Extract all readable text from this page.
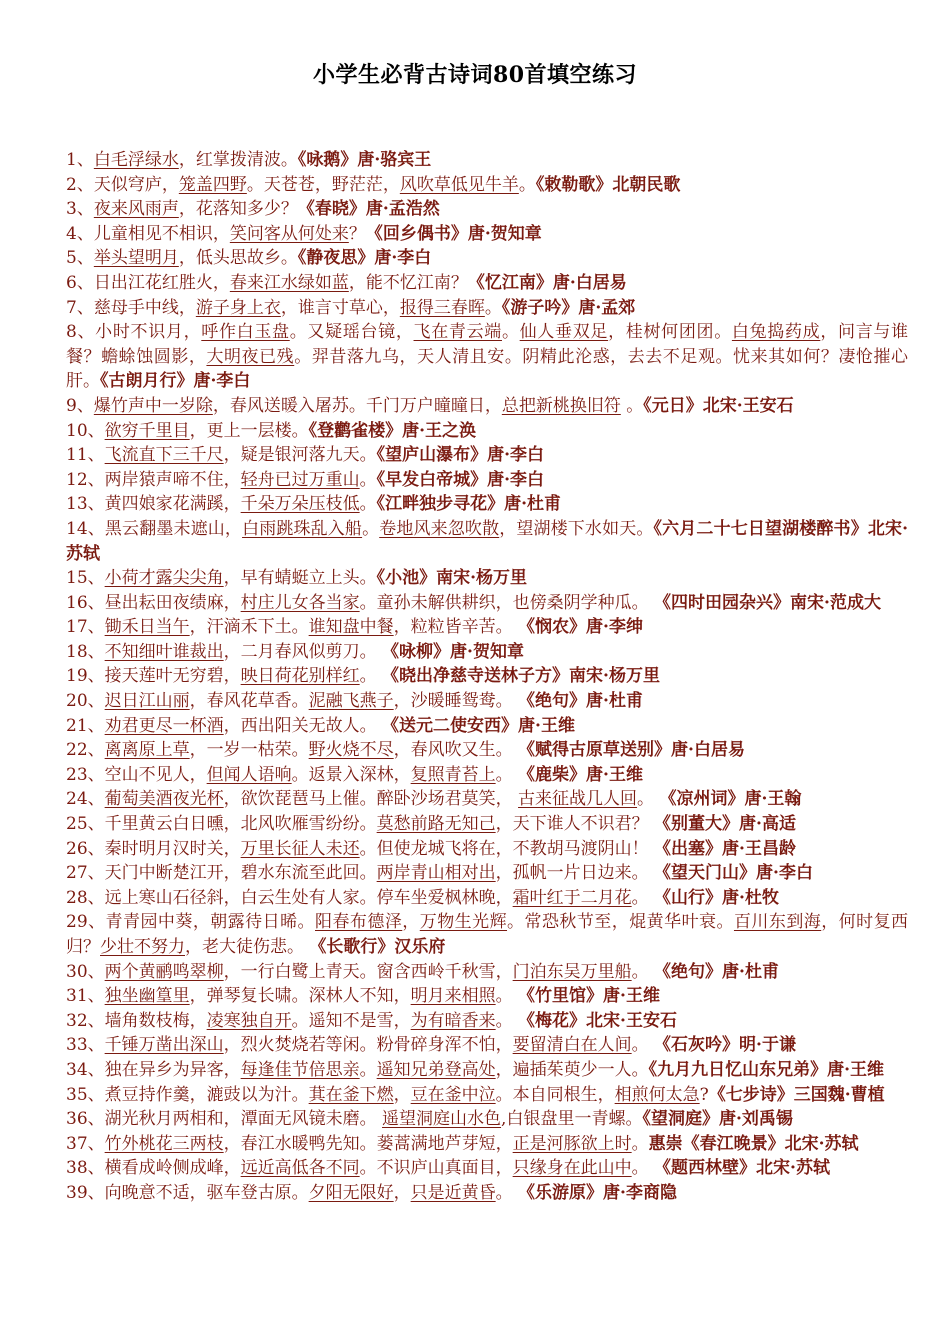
小学生必背古诗词80首填空练习
1、白毛浮绿水，红掌拨清波。《咏鹅》唐·骆宾王
2、天似穹庐，笼盖四野。天苍苍，野茫茫，风吹草低见牛羊。《敕勒歌》北朝民歌
3、夜来风雨声，花落知多少？《春晓》唐·孟浩然
4、儿童相见不相识，笑问客从何处来？《回乡偶书》唐·贺知章
5、举头望明月，低头思故乡。《静夜思》唐·李白
6、日出江花红胜火，春来江水绿如蓝，能不忆江南？《忆江南》唐·白居易
7、慈母手中线，游子身上衣，谁言寸草心，报得三春晖。《游子吟》唐·孟郊
8、小时不识月，呼作白玉盘。又疑瑶台镜，飞在青云端。仙人垂双足，桂树何团团。白兔捣药成，问言与谁餐？蟾蜍蚀圆影，大明夜已残。羿昔落九乌，天人清且安。阴精此沦惑，去去不足观。忧来其如何？凄怆摧心肝。《古朗月行》唐·李白
9、爆竹声中一岁除，春风送暖入屠苏。千门万户曈曈日，总把新桃换旧符 。《元日》北宋·王安石
10、欲穷千里目，更上一层楼。《登鹳雀楼》唐·王之涣
11、飞流直下三千尺，疑是银河落九天。《望庐山瀑布》唐·李白
12、两岸猿声啼不住，轻舟已过万重山。《早发白帝城》唐·李白
13、黄四娘家花满蹊，千朵万朵压枝低。《江畔独步寻花》唐·杜甫
14、黑云翻墨未遮山，白雨跳珠乱入船。卷地风来忽吹散，望湖楼下水如天。《六月二十七日望湖楼醉书》北宋·苏轼
15、小荷才露尖尖角，早有蜻蜓立上头。《小池》南宋·杨万里
16、昼出耘田夜绩麻，村庄儿女各当家。童孙未解供耕织，也傍桑阴学种瓜。 《四时田园杂兴》南宋·范成大
17、锄禾日当午，汗滴禾下土。谁知盘中餐，粒粒皆辛苦。 《悯农》唐·李绅
18、不知细叶谁裁出，二月春风似剪刀。 《咏柳》唐·贺知章
19、接天莲叶无穷碧，映日荷花别样红。 《晓出净慈寺送林子方》南宋·杨万里
20、迟日江山丽，春风花草香。泥融飞燕子，沙暖睡鸳鸯。 《绝句》唐·杜甫
21、劝君更尽一杯酒，西出阳关无故人。 《送元二使安西》唐·王维
22、离离原上草，一岁一枯荣。野火烧不尽，春风吹又生。 《赋得古原草送别》唐·白居易
23、空山不见人，但闻人语响。返景入深林，复照青苔上。 《鹿柴》唐·王维
24、葡萄美酒夜光杯，欲饮琵琶马上催。醉卧沙场君莫笑， 古来征战几人回。 《凉州词》唐·王翰
25、千里黄云白日曛，北风吹雁雪纷纷。莫愁前路无知己，天下谁人不识君？ 《别董大》唐·高适
26、秦时明月汉时关，万里长征人未还。但使龙城飞将在，不教胡马渡阴山！ 《出塞》唐·王昌龄
27、天门中断楚江开，碧水东流至此回。两岸青山相对出，孤帆一片日边来。 《望天门山》唐·李白
28、远上寒山石径斜，白云生处有人家。停车坐爱枫林晚，霜叶红于二月花。 《山行》唐·杜牧
29、青青园中葵，朝露待日晞。阳春布德泽，万物生光辉。常恐秋节至，焜黄华叶衰。百川东到海，何时复西归？少壮不努力，老大徒伤悲。 《长歌行》汉乐府
30、两个黄鹂鸣翠柳，一行白鹭上青天。窗含西岭千秋雪，门泊东吴万里船。 《绝句》唐·杜甫
31、独坐幽篁里，弹琴复长啸。深林人不知，明月来相照。 《竹里馆》唐·王维
32、墙角数枝梅，凌寒独自开。遥知不是雪，为有暗香来。 《梅花》北宋·王安石
33、千锤万凿出深山，烈火焚烧若等闲。粉骨碎身浑不怕，要留清白在人间。 《石灰吟》明·于谦
34、独在异乡为异客，每逢佳节倍思亲。遥知兄弟登高处，遍插茱萸少一人。《九月九日忆山东兄弟》唐·王维
35、煮豆持作羹，漉豉以为汁。萁在釜下燃，豆在釜中泣。本自同根生，相煎何太急?《七步诗》三国魏·曹植
36、湖光秋月两相和，潭面无风镜未磨。 遥望洞庭山水色,白银盘里一青螺。《望洞庭》唐·刘禹锡
37、竹外桃花三两枝，春江水暖鸭先知。蒌蒿满地芦芽短，正是河豚欲上时。惠崇《春江晚景》北宋·苏轼
38、横看成岭侧成峰，远近高低各不同。不识庐山真面目，只缘身在此山中。 《题西林壁》北宋·苏轼
39、向晚意不适，驱车登古原。夕阳无限好，只是近黄昏。 《乐游原》唐·李商隐
